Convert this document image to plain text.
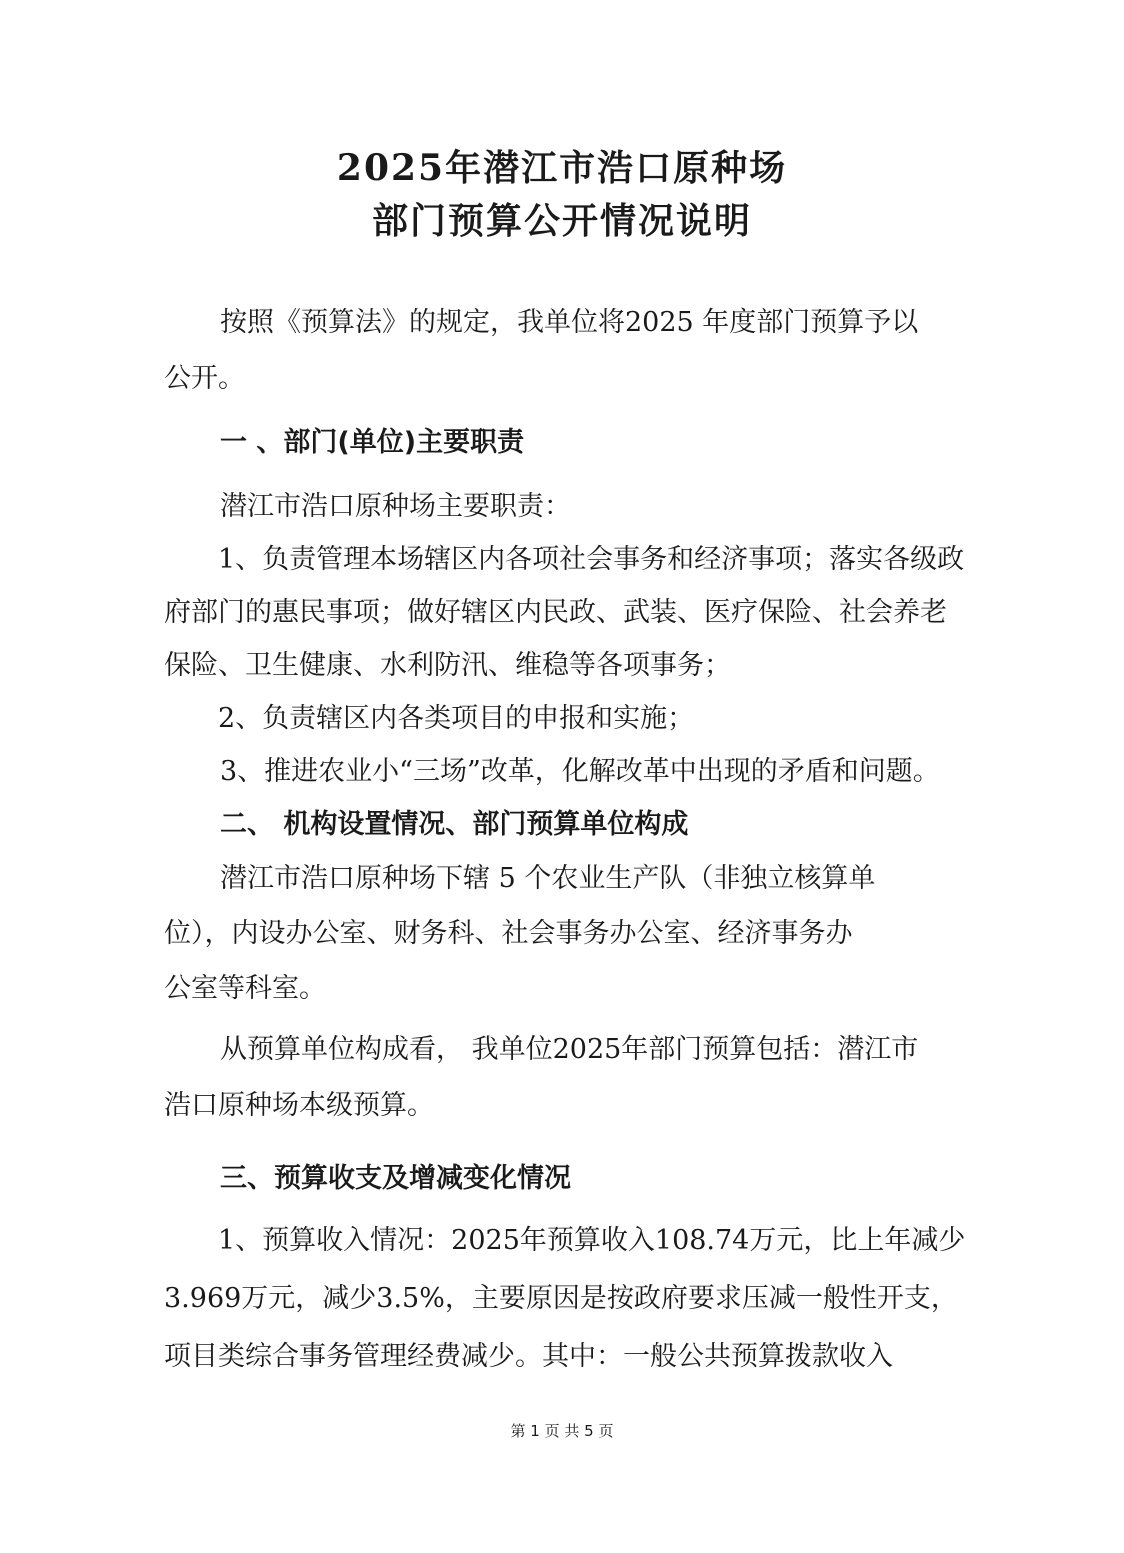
2025年潜江市浩口原种场
部门预算公开情况说明
按照《预算法》的规定，我单位将2025 年度部门预算予以
公开。
一 、部门(单位)主要职责
潜江市浩口原种场主要职责：
1、负责管理本场辖区内各项社会事务和经济事项；落实各级政
府部门的惠民事项；做好辖区内民政、武装、医疗保险、社会养老
保险、卫生健康、水利防汛、维稳等各项事务；
2、负责辖区内各类项目的申报和实施；
3、推进农业小“三场”改革，化解改革中出现的矛盾和问题。
二、 机构设置情况、部门预算单位构成
潜江市浩口原种场下辖 5 个农业生产队（非独立核算单
位），内设办公室、财务科、社会事务办公室、经济事务办
公室等科室。
从预算单位构成看， 我单位2025年部门预算包括：潜江市
浩口原种场本级预算。
三、预算收支及增减变化情况
1、预算收入情况：2025年预算收入108.74万元，比上年减少
3.969万元，减少3.5%，主要原因是按政府要求压减一般性开支，
项目类综合事务管理经费减少。其中：一般公共预算拨款收入
第 1 页 共 5 页
